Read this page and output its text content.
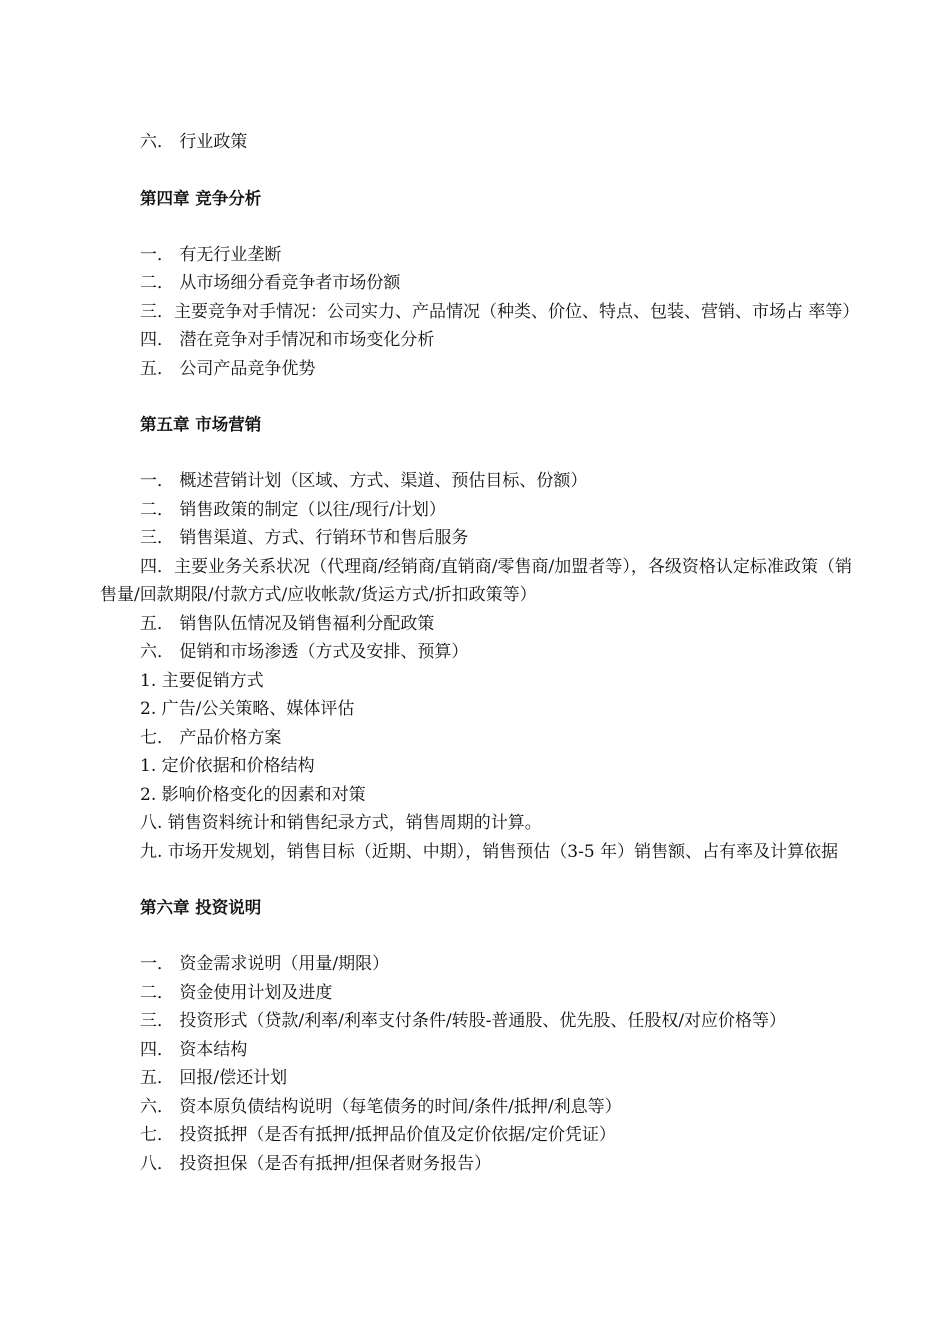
六． 行业政策
第四章 竞争分析
一． 有无行业垄断
二． 从市场细分看竞争者市场份额
三．主要竞争对手情况：公司实力、产品情况（种类、价位、特点、包装、营销、市场占 率等）
四． 潜在竞争对手情况和市场变化分析
五． 公司产品竞争优势
第五章 市场营销
一． 概述营销计划（区域、方式、渠道、预估目标、份额）
二． 销售政策的制定（以往/现行/计划）
三． 销售渠道、方式、行销环节和售后服务
四．主要业务关系状况（代理商/经销商/直销商/零售商/加盟者等），各级资格认定标准政策（销售量/回款期限/付款方式/应收帐款/货运方式/折扣政策等）
五． 销售队伍情况及销售福利分配政策
六． 促销和市场渗透（方式及安排、预算）
1. 主要促销方式
2. 广告/公关策略、媒体评估
七． 产品价格方案
1. 定价依据和价格结构
2. 影响价格变化的因素和对策
八. 销售资料统计和销售纪录方式，销售周期的计算。
九. 市场开发规划，销售目标（近期、中期），销售预估（3-5 年）销售额、占有率及计算依据
第六章 投资说明
一． 资金需求说明（用量/期限）
二． 资金使用计划及进度
三． 投资形式（贷款/利率/利率支付条件/转股-普通股、优先股、任股权/对应价格等）
四． 资本结构
五． 回报/偿还计划
六． 资本原负债结构说明（每笔债务的时间/条件/抵押/利息等）
七． 投资抵押（是否有抵押/抵押品价值及定价依据/定价凭证）
八． 投资担保（是否有抵押/担保者财务报告）
